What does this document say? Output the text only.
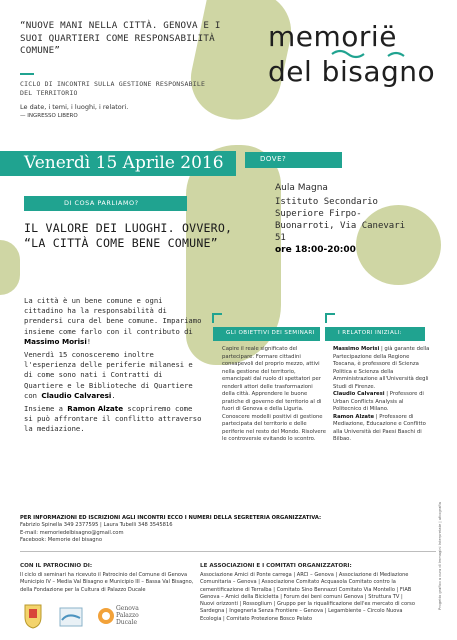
“NUOVE MANI NELLA CITTÀ. GENOVA E I SUOI QUARTIERI COME RESPONSABILITÀ COMUNE”
CICLO DI INCONTRI SULLA GESTIONE RESPONSABILE DEL TERRITORIO
Le date, i temi, i luoghi, i relatori.
— INGRESSO LIBERO
memoriё
del bisagno
Venerdì 15 Aprile 2016	DOVE?
Aula Magna
Istituto Secondario Superiore Firpo-Buonarroti, Via Canevari 51
ore 18:00-20:00
DI COSA PARLIAMO?
IL VALORE DEI LUOGHI. OVVERO, “LA CITTÀ COME BENE COMUNE”

La città è un bene comune e ogni cittadino ha la responsabilità di prendersi cura del bene comune. Impariamo insieme come farlo con il contributo di Massimo Morisi!

Venerdì 15 conosceremo inoltre l'esperienza delle periferie milanesi e di come sono nati i Contratti di Quartiere e le Biblioteche di Quartiere con Claudio Calvaresi.

Insieme a Ramon Alzate scopriremo come si può affrontare il conflitto attraverso la mediazione.

GLI OBIETTIVI DEI SEMINARI	I RELATORI INIZIALI:
Capire il reale significato del partecipare. Formare cittadini consapevoli del proprio mezzo, attivi nella gestione del territorio, emancipati dal ruolo di spettatori per renderli attori delle trasformazioni della città. Apprendere le buone pratiche di governo del territorio al di fuori di Genova e della Liguria. Conoscere modelli positivi di gestione partecipata del territorio e delle periferie nel resto del Mondo. Risolvere le controversie evitando lo scontro.
Massimo Morisi | già garante della Partecipazione della Regione Toscana, è professore di Scienza Politica e Scienza della Amministrazione all'Università degli Studi di Firenze.
Claudio Calvaresi | Professore di Urban Conflicts Analysis al Politecnico di Milano.
Ramon Alzate | Professore di Mediazione, Educazione e Conflitto alla Università dei Paesi Baschi di Bilbao.
PER INFORMAZIONI ED ISCRIZIONI AGLI INCONTRI ECCO I NUMERI DELLA SEGRETERIA ORGANIZZATIVA:
Fabrizio Spinella 349 2377595 | Laura Tubelli 348 3545816
E-mail: memoriedelbisagno@gmail.com
Facebook: Memorie del bisagno
CON IL PATROCINIO DI:
Il ciclo di seminari ha ricevuto il Patrocinio del Comune di Genova Municipio IV – Media Val Bisagno e Municipio III – Bassa Val Bisagno, della Fondazione per la Cultura di Palazzo Ducale
LE ASSOCIAZIONI E I COMITATI ORGANIZZATORI:
Associazione Amici di Ponte carrega | ARCI – Genova | Associazione di Mediazione Comunitaria – Genova | Associazione Comitato Acquasola Comitato contro la cementificazione di Terralba | Comitato Sino Bennazzi Comitato Via Montello | FIAB Genova – Amici della Bicicletta | Forum dei beni comuni Genova | Struttura TV | Nuovi orizzonti | Rossoglium | Gruppo per la riqualificazione dell'ex mercato di corso Sardegna | Ingegneria Senza Frontiere – Genova | Legambiente – Circolo Nuova Ecologia | Comitato Protezione Bosco Pelato
Genova Palazzo Ducale
Progetto grafico a cura di Immagini Interpretate | ufcografia
